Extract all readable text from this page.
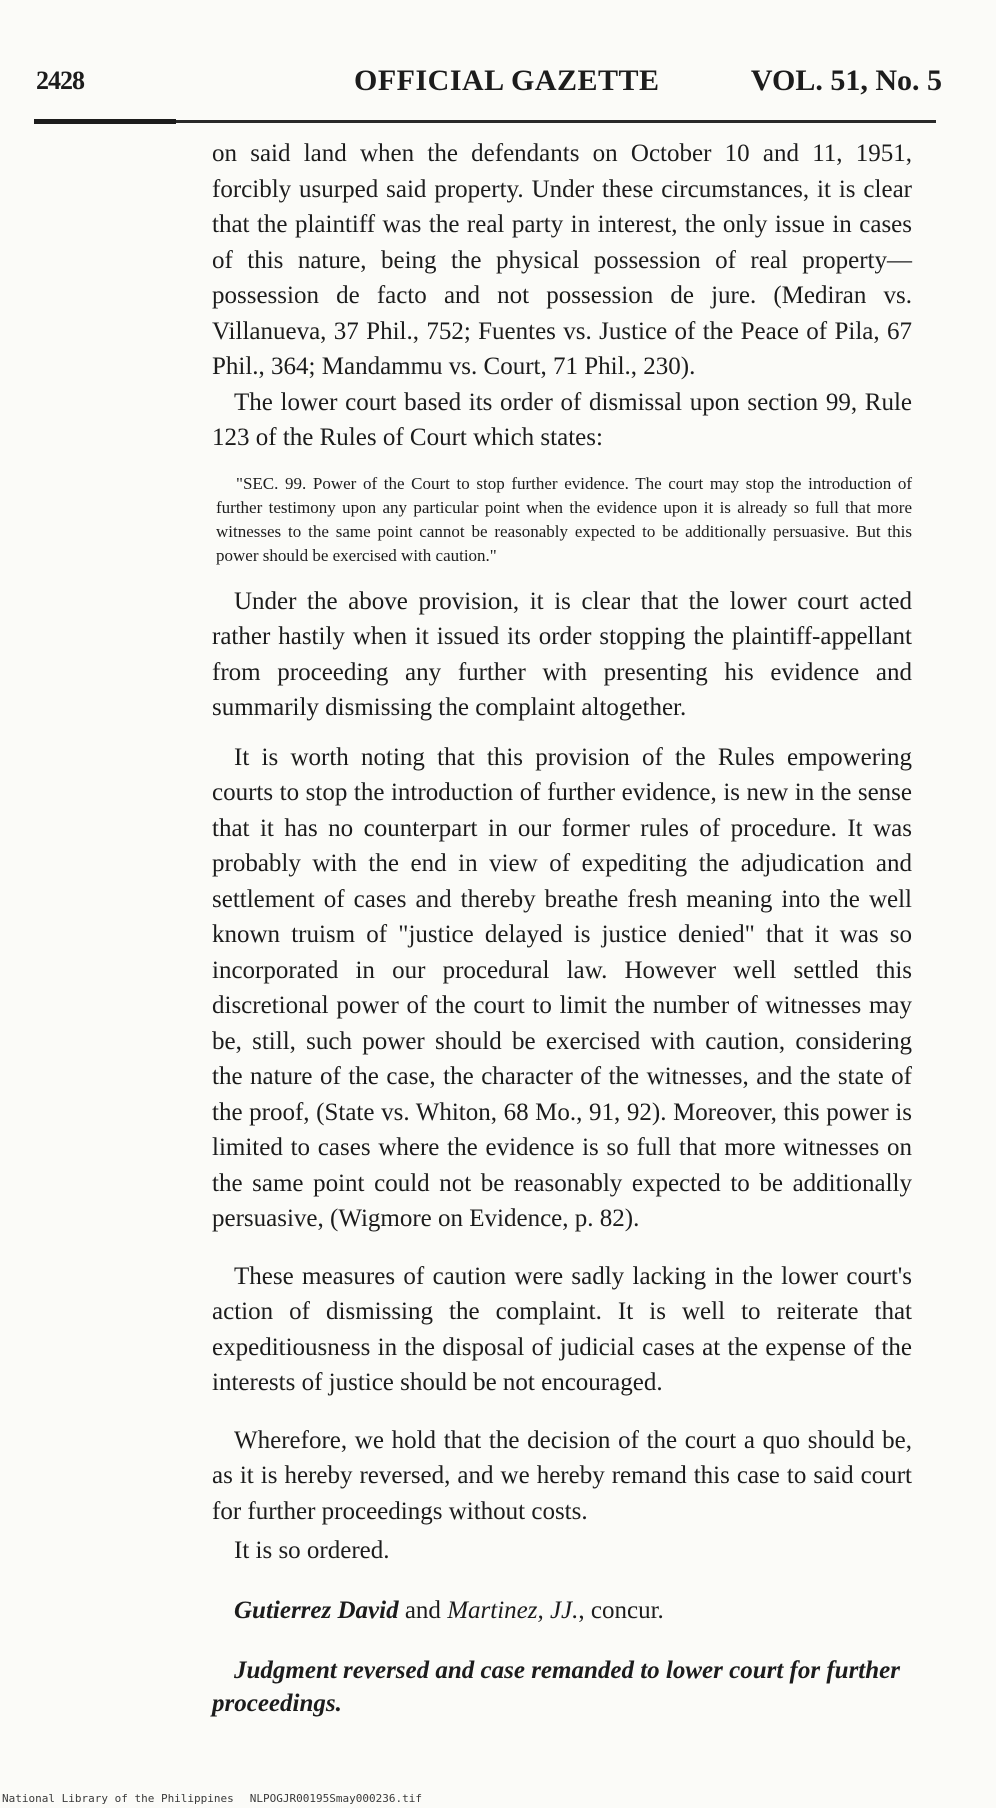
2428	OFFICIAL GAZETTE	VOL. 51, No. 5

on said land when the defendants on October 10 and 11, 1951, forcibly usurped said property. Under these circumstances, it is clear that the plaintiff was the real party in interest, the only issue in cases of this nature, being the physical possession of real property—possession de facto and not possession de jure. (Mediran vs. Villanueva, 37 Phil., 752; Fuentes vs. Justice of the Peace of Pila, 67 Phil., 364; Mandammu vs. Court, 71 Phil., 230).

The lower court based its order of dismissal upon section 99, Rule 123 of the Rules of Court which states:

"SEC. 99. Power of the Court to stop further evidence. The court may stop the introduction of further testimony upon any particular point when the evidence upon it is already so full that more witnesses to the same point cannot be reasonably expected to be additionally persuasive. But this power should be exercised with caution."

Under the above provision, it is clear that the lower court acted rather hastily when it issued its order stopping the plaintiff-appellant from proceeding any further with presenting his evidence and summarily dismissing the complaint altogether.

It is worth noting that this provision of the Rules empowering courts to stop the introduction of further evidence, is new in the sense that it has no counterpart in our former rules of procedure. It was probably with the end in view of expediting the adjudication and settlement of cases and thereby breathe fresh meaning into the well known truism of "justice delayed is justice denied" that it was so incorporated in our procedural law. However well settled this discretional power of the court to limit the number of witnesses may be, still, such power should be exercised with caution, considering the nature of the case, the character of the witnesses, and the state of the proof, (State vs. Whiton, 68 Mo., 91, 92). Moreover, this power is limited to cases where the evidence is so full that more witnesses on the same point could not be reasonably expected to be additionally persuasive, (Wigmore on Evidence, p. 82).

These measures of caution were sadly lacking in the lower court's action of dismissing the complaint. It is well to reiterate that expeditiousness in the disposal of judicial cases at the expense of the interests of justice should be not encouraged.

Wherefore, we hold that the decision of the court a quo should be, as it is hereby reversed, and we hereby remand this case to said court for further proceedings without costs.

It is so ordered.

Gutierrez David and Martinez, JJ., concur.

Judgment reversed and case remanded to lower court for further proceedings.

National Library of the Philippines NLPOGJR00195Smay000236.tif
